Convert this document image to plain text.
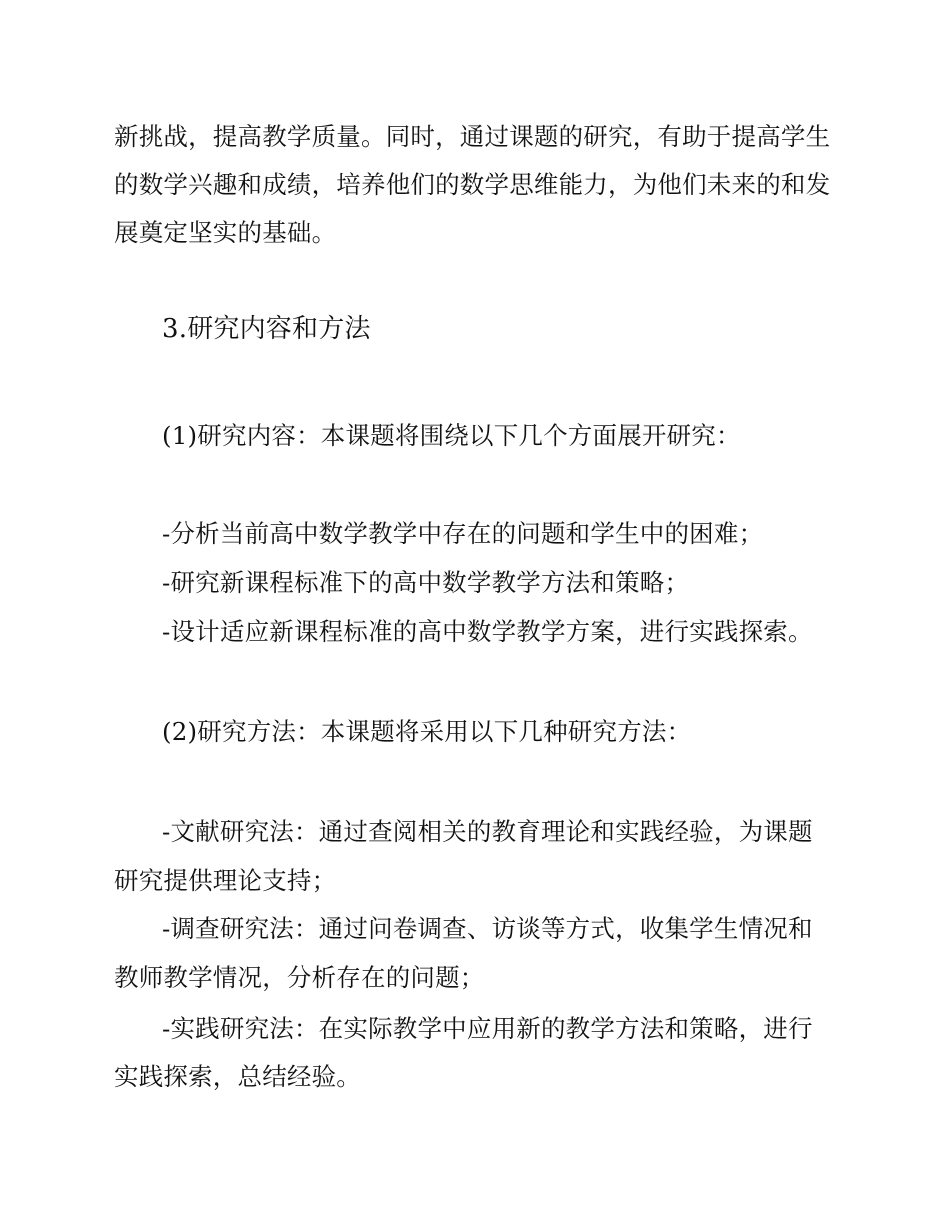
新挑战，提高教学质量。同时，通过课题的研究，有助于提高学生
的数学兴趣和成绩，培养他们的数学思维能力，为他们未来的和发
展奠定坚实的基础。
3.研究内容和方法
(1)研究内容：本课题将围绕以下几个方面展开研究：
-分析当前高中数学教学中存在的问题和学生中的困难；
-研究新课程标准下的高中数学教学方法和策略；
-设计适应新课程标准的高中数学教学方案，进行实践探索。
(2)研究方法：本课题将采用以下几种研究方法：
-文献研究法：通过查阅相关的教育理论和实践经验，为课题
研究提供理论支持；
-调查研究法：通过问卷调查、访谈等方式，收集学生情况和
教师教学情况，分析存在的问题；
-实践研究法：在实际教学中应用新的教学方法和策略，进行
实践探索，总结经验。
